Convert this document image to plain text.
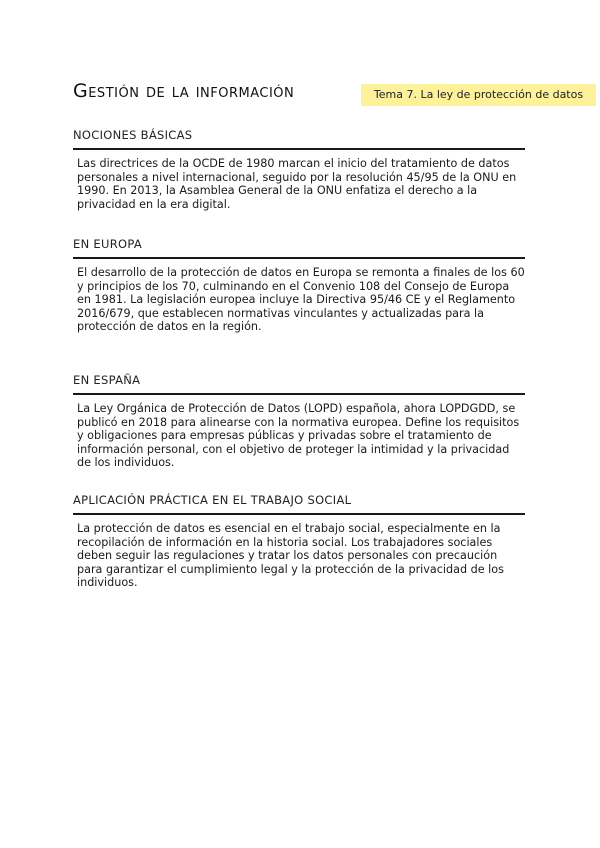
Gestión de la información	Tema 7. La ley de protección de datos
NOCIONES BÁSICAS

Las directrices de la OCDE de 1980 marcan el inicio del tratamiento de datos personales a nivel internacional, seguido por la resolución 45/95 de la ONU en 1990. En 2013, la Asamblea General de la ONU enfatiza el derecho a la privacidad en la era digital.

EN EUROPA

El desarrollo de la protección de datos en Europa se remonta a finales de los 60 y principios de los 70, culminando en el Convenio 108 del Consejo de Europa en 1981. La legislación europea incluye la Directiva 95/46 CE y el Reglamento 2016/679, que establecen normativas vinculantes y actualizadas para la protección de datos en la región.

EN ESPAÑA

La Ley Orgánica de Protección de Datos (LOPD) española, ahora LOPDGDD, se publicó en 2018 para alinearse con la normativa europea. Define los requisitos y obligaciones para empresas públicas y privadas sobre el tratamiento de información personal, con el objetivo de proteger la intimidad y la privacidad de los individuos.

APLICACIÓN PRÁCTICA EN EL TRABAJO SOCIAL

La protección de datos es esencial en el trabajo social, especialmente en la recopilación de información en la historia social. Los trabajadores sociales deben seguir las regulaciones y tratar los datos personales con precaución para garantizar el cumplimiento legal y la protección de la privacidad de los individuos.
